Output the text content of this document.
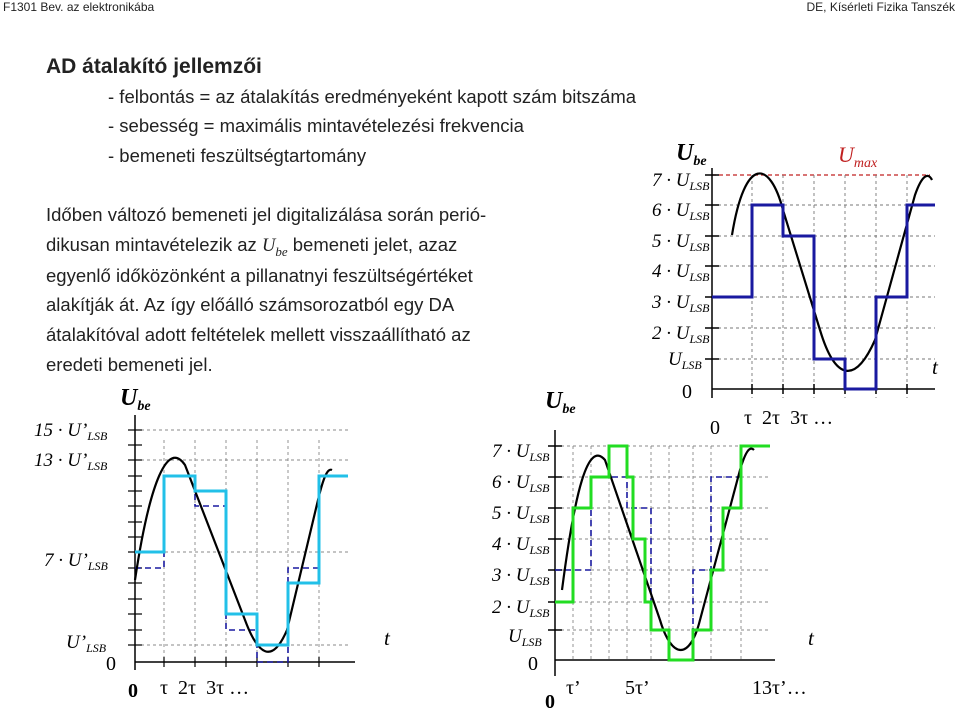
F1301 Bev. az elektronikába	DE, Kísérleti Fizika Tanszék
AD átalakító jellemzői
- felbontás = az átalakítás eredményeként kapott szám bitszáma
- sebesség = maximális mintavételezési frekvencia
- bemeneti feszültségtartomány
Időben változó bemeneti jel digitalizálása során perió-
dikusan mintavételezik az $U_{be}$ bemeneti jelet, azaz
egyenlő időközönként a pillanatnyi feszültségértéket
alakítják át. Az így előálló számsorozatból egy DA
átalakítóval adott feltételek mellett visszaállítható az
eredeti bemeneti jel.
$U_{be}$	$U_{max}$
$7 \cdot U_{LSB}$
$6 \cdot U_{LSB}$
$5 \cdot U_{LSB}$
$4 \cdot U_{LSB}$
$3 \cdot U_{LSB}$
$2 \cdot U_{LSB}$
$U_{LSB}$
0
0 τ  2τ  3τ …
t
$U_{be}$
$15 \cdot U’_{LSB}$
$13 \cdot U’_{LSB}$
$7 \cdot U’_{LSB}$
$U’_{LSB}$
0
0 τ  2τ  3τ …
t
$U_{be}$
$7 \cdot U_{LSB}$
$6 \cdot U_{LSB}$
$5 \cdot U_{LSB}$
$4 \cdot U_{LSB}$
$3 \cdot U_{LSB}$
$2 \cdot U_{LSB}$
$U_{LSB}$
0
0
τ’ 5τ’	13τ’…
t
